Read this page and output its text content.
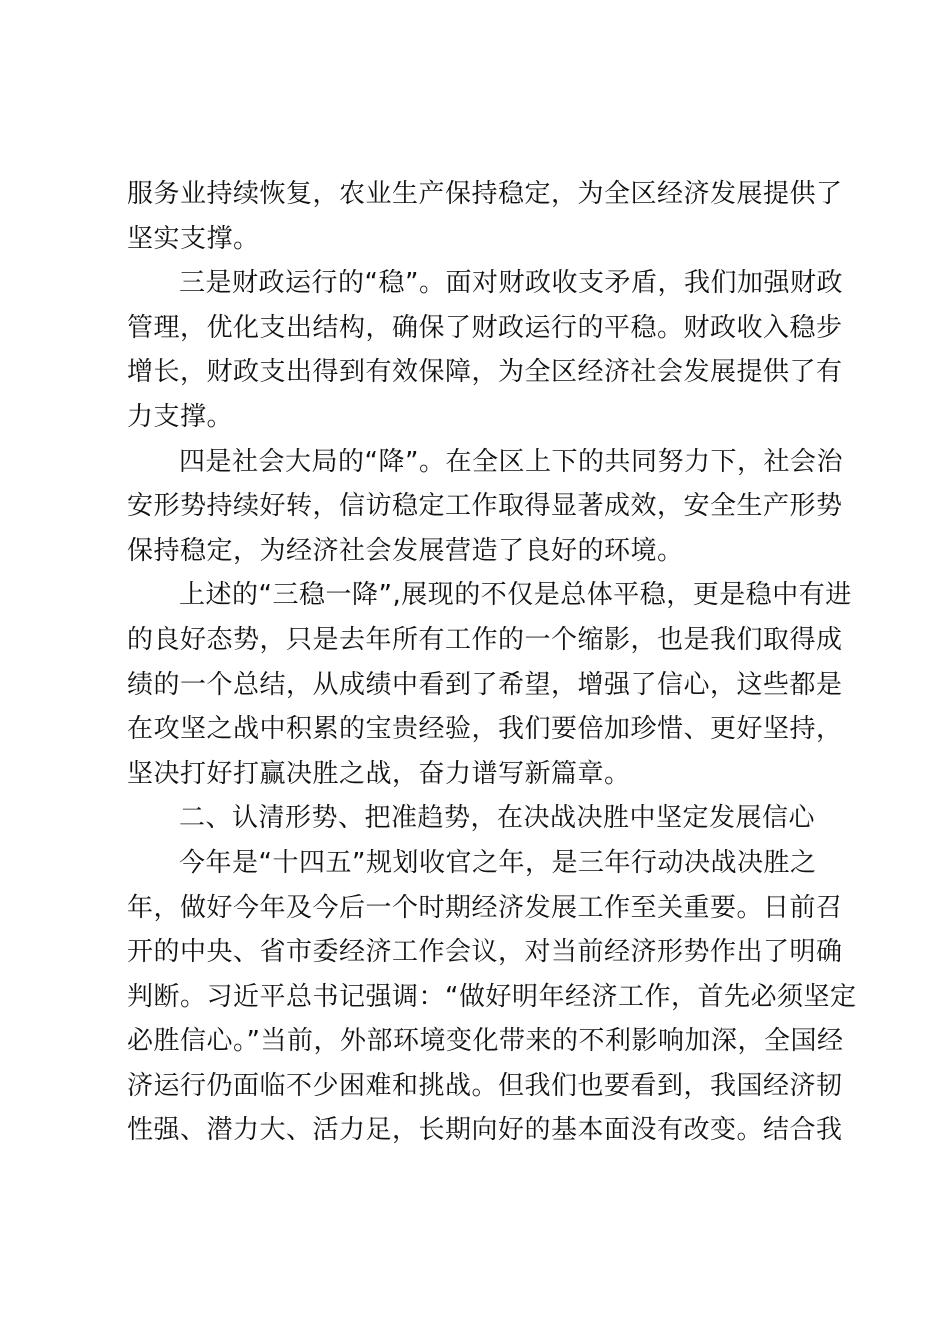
服务业持续恢复，农业生产保持稳定，为全区经济发展提供了
坚实支撑。
三是财政运行的“稳”。面对财政收支矛盾，我们加强财政
管理，优化支出结构，确保了财政运行的平稳。财政收入稳步
增长，财政支出得到有效保障，为全区经济社会发展提供了有
力支撑。
四是社会大局的“降”。在全区上下的共同努力下，社会治
安形势持续好转，信访稳定工作取得显著成效，安全生产形势
保持稳定，为经济社会发展营造了良好的环境。
上述的“三稳一降”,展现的不仅是总体平稳，更是稳中有进
的良好态势，只是去年所有工作的一个缩影，也是我们取得成
绩的一个总结，从成绩中看到了希望，增强了信心，这些都是
在攻坚之战中积累的宝贵经验，我们要倍加珍惜、更好坚持，
坚决打好打赢决胜之战，奋力谱写新篇章。
二、认清形势、把准趋势，在决战决胜中坚定发展信心
今年是“十四五”规划收官之年，是三年行动决战决胜之
年，做好今年及今后一个时期经济发展工作至关重要。日前召
开的中央、省市委经济工作会议，对当前经济形势作出了明确
判断。习近平总书记强调：“做好明年经济工作，首先必须坚定
必胜信心。”当前，外部环境变化带来的不利影响加深，全国经
济运行仍面临不少困难和挑战。但我们也要看到，我国经济韧
性强、潜力大、活力足，长期向好的基本面没有改变。结合我
